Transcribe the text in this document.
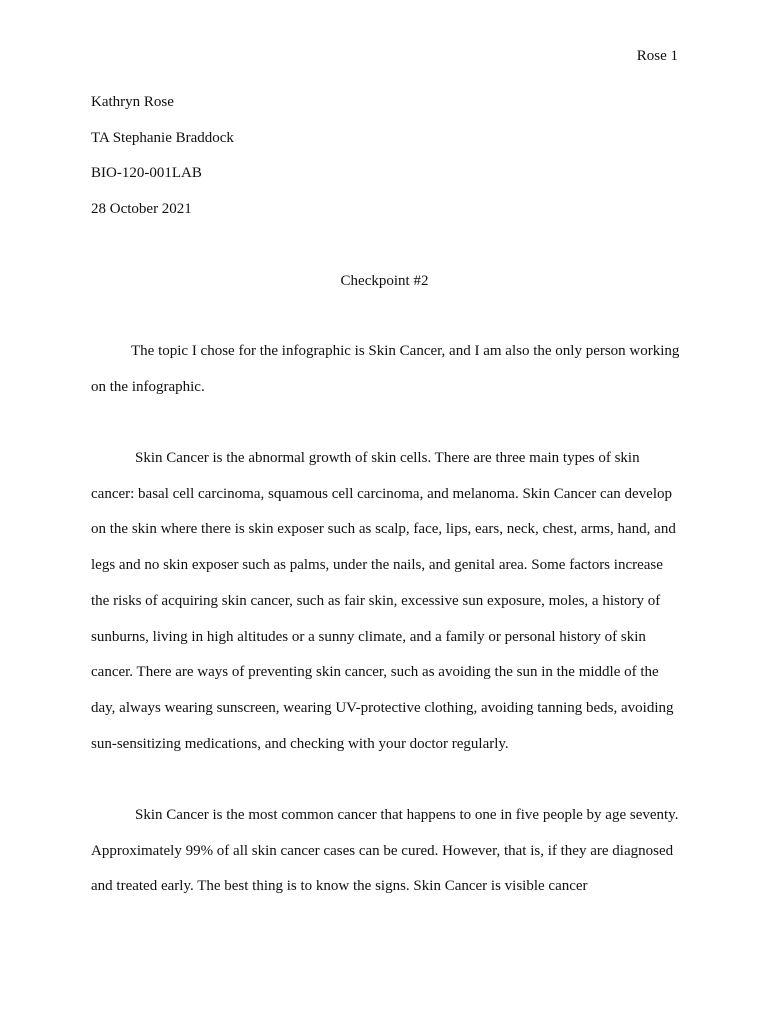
Rose 1
Kathryn Rose
TA Stephanie Braddock
BIO-120-001LAB
28 October 2021
Checkpoint #2

The topic I chose for the infographic is Skin Cancer, and I am also the only person working on the infographic.

Skin Cancer is the abnormal growth of skin cells. There are three main types of skin cancer: basal cell carcinoma, squamous cell carcinoma, and melanoma. Skin Cancer can develop on the skin where there is skin exposer such as scalp, face, lips, ears, neck, chest, arms, hand, and legs and no skin exposer such as palms, under the nails, and genital area. Some factors increase the risks of acquiring skin cancer, such as fair skin, excessive sun exposure, moles, a history of sunburns, living in high altitudes or a sunny climate, and a family or personal history of skin cancer. There are ways of preventing skin cancer, such as avoiding the sun in the middle of the day, always wearing sunscreen, wearing UV-protective clothing, avoiding tanning beds, avoiding sun-sensitizing medications, and checking with your doctor regularly.

Skin Cancer is the most common cancer that happens to one in five people by age seventy. Approximately 99% of all skin cancer cases can be cured. However, that is, if they are diagnosed and treated early. The best thing is to know the signs. Skin Cancer is visible cancer
